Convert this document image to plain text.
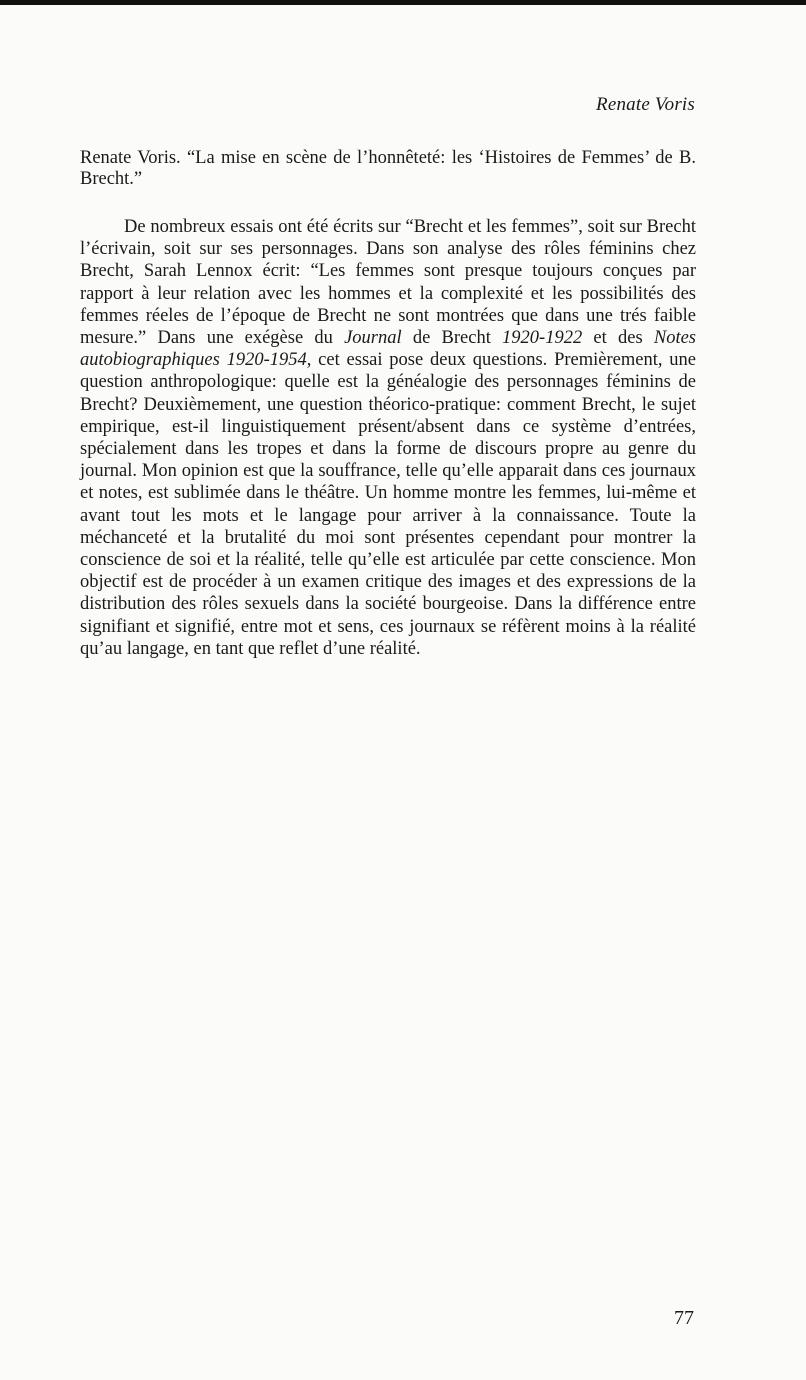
Renate Voris
Renate Voris. “La mise en scène de l’honnêteté: les ‘Histoires de Femmes’ de B. Brecht.”

De nombreux essais ont été écrits sur “Brecht et les femmes”, soit sur Brecht l’écrivain, soit sur ses personnages. Dans son analyse des rôles féminins chez Brecht, Sarah Lennox écrit: “Les femmes sont presque toujours conçues par rapport à leur relation avec les hommes et la complexité et les possibilités des femmes réeles de l’époque de Brecht ne sont montrées que dans une trés faible mesure.” Dans une exégèse du Journal de Brecht 1920-1922 et des Notes autobiographiques 1920-1954, cet essai pose deux questions. Premièrement, une question anthropologique: quelle est la généalogie des personnages féminins de Brecht? Deuxièmement, une question théorico-pratique: comment Brecht, le sujet empirique, est-il linguistiquement présent/absent dans ce système d’entrées, spécialement dans les tropes et dans la forme de discours propre au genre du journal. Mon opinion est que la souffrance, telle qu’elle apparait dans ces journaux et notes, est sublimée dans le théâtre. Un homme montre les femmes, lui-même et avant tout les mots et le langage pour arriver à la connaissance. Toute la méchanceté et la brutalité du moi sont présentes cependant pour montrer la conscience de soi et la réalité, telle qu’elle est articulée par cette conscience. Mon objectif est de procéder à un examen critique des images et des expressions de la distribution des rôles sexuels dans la société bourgeoise. Dans la différence entre signifiant et signifié, entre mot et sens, ces journaux se réfèrent moins à la réalité qu’au langage, en tant que reflet d’une réalité.

77
